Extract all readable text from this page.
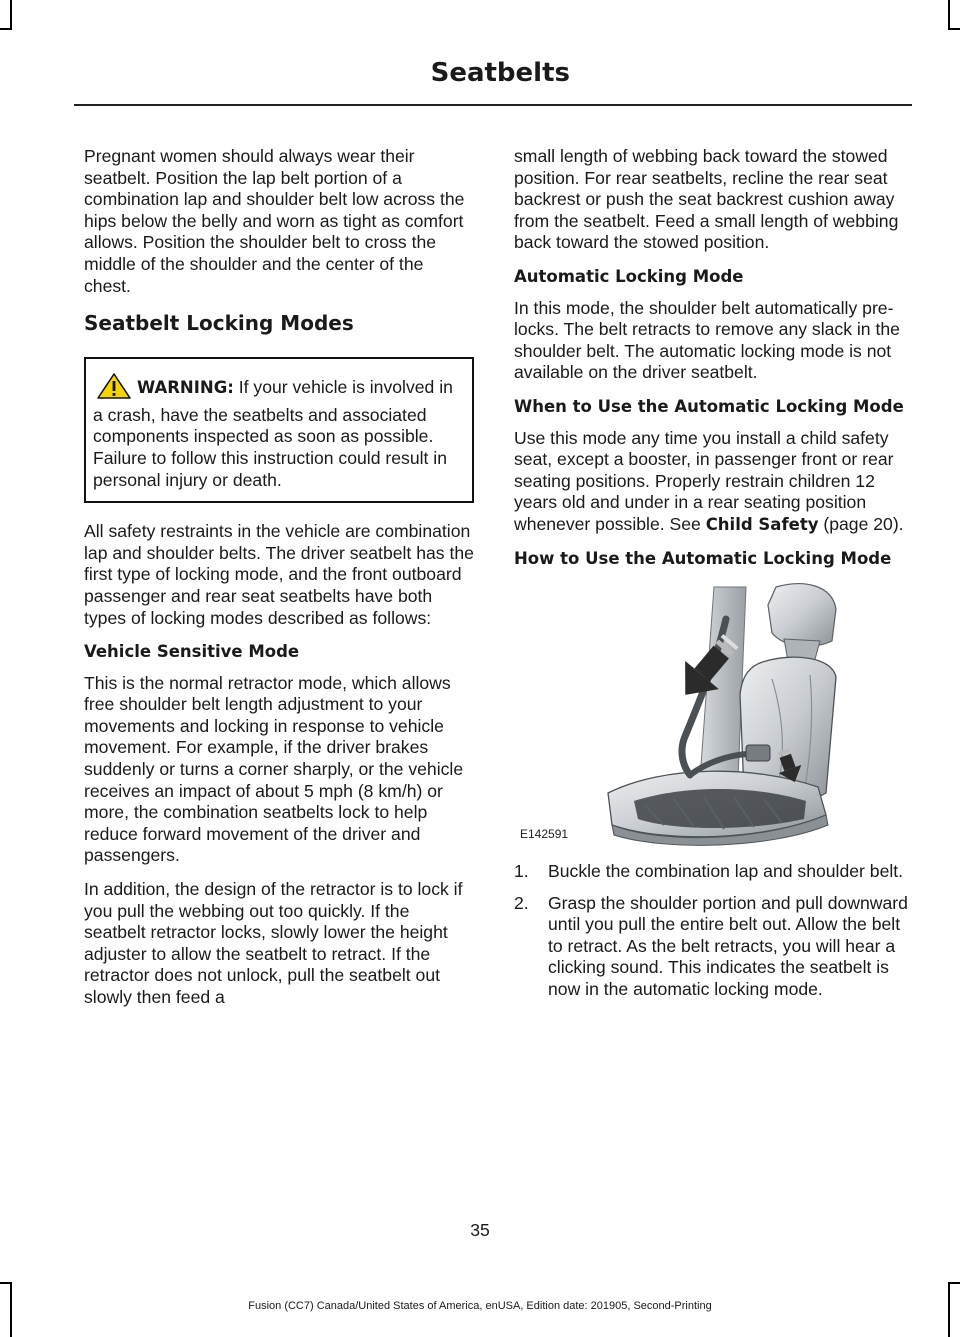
Seatbelts

Pregnant women should always wear their seatbelt. Position the lap belt portion of a combination lap and shoulder belt low across the hips below the belly and worn as tight as comfort allows. Position the shoulder belt to cross the middle of the shoulder and the center of the chest.

Seatbelt Locking Modes
WARNING: If your vehicle is involved in a crash, have the seatbelts and associated components inspected as soon as possible. Failure to follow this instruction could result in personal injury or death.

All safety restraints in the vehicle are combination lap and shoulder belts. The driver seatbelt has the first type of locking mode, and the front outboard passenger and rear seat seatbelts have both types of locking modes described as follows:

Vehicle Sensitive Mode

This is the normal retractor mode, which allows free shoulder belt length adjustment to your movements and locking in response to vehicle movement. For example, if the driver brakes suddenly or turns a corner sharply, or the vehicle receives an impact of about 5 mph (8 km/h) or more, the combination seatbelts lock to help reduce forward movement of the driver and passengers.

In addition, the design of the retractor is to lock if you pull the webbing out too quickly. If the seatbelt retractor locks, slowly lower the height adjuster to allow the seatbelt to retract. If the retractor does not unlock, pull the seatbelt out slowly then feed a

small length of webbing back toward the stowed position. For rear seatbelts, recline the rear seat backrest or push the seat backrest cushion away from the seatbelt. Feed a small length of webbing back toward the stowed position.

Automatic Locking Mode

In this mode, the shoulder belt automatically pre-locks. The belt retracts to remove any slack in the shoulder belt. The automatic locking mode is not available on the driver seatbelt.

When to Use the Automatic Locking Mode

Use this mode any time you install a child safety seat, except a booster, in passenger front or rear seating positions. Properly restrain children 12 years old and under in a rear seating position whenever possible. See Child Safety (page 20).

How to Use the Automatic Locking Mode
E142591
1. Buckle the combination lap and shoulder belt.
2. Grasp the shoulder portion and pull downward until you pull the entire belt out. Allow the belt to retract. As the belt retracts, you will hear a clicking sound. This indicates the seatbelt is now in the automatic locking mode.
35
Fusion (CC7) Canada/United States of America, enUSA, Edition date: 201905, Second-Printing
